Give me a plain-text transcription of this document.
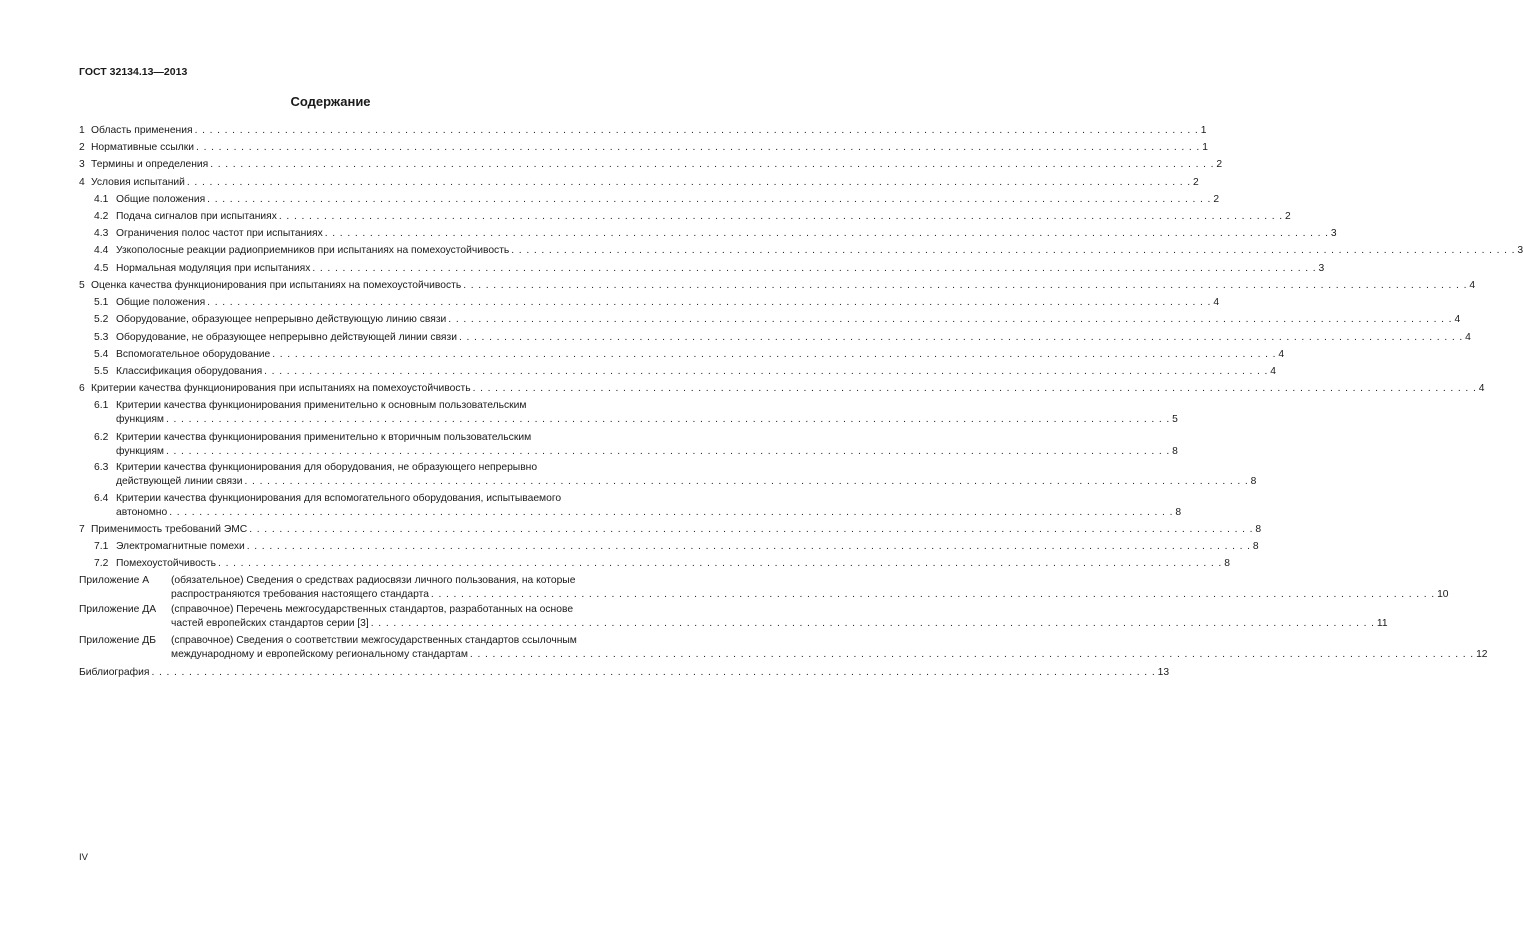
ГОСТ 32134.13—2013
Содержание
1 Область применения . . .	1
2 Нормативные ссылки . . .	1
3 Термины и определения . . .	2
4 Условия испытаний . . .	2
4.1 Общие положения . . .	2
4.2 Подача сигналов при испытаниях . . .	2
4.3 Ограничения полос частот при испытаниях . . .	3
4.4 Узкополосные реакции радиоприемников при испытаниях на помехоустойчивость . . .	3
4.5 Нормальная модуляция при испытаниях . . .	3
5 Оценка качества функционирования при испытаниях на помехоустойчивость . . .	4
5.1 Общие положения . . .	4
5.2 Оборудование, образующее непрерывно действующую линию связи . . .	4
5.3 Оборудование, не образующее непрерывно действующей линии связи . . .	4
5.4 Вспомогательное оборудование . . .	4
5.5 Классификация оборудования . . .	4
6 Критерии качества функционирования при испытаниях на помехоустойчивость . . .	4
6.1 Критерии качества функционирования применительно к основным пользовательским
функциям . . .	5
6.2 Критерии качества функционирования применительно к вторичным пользовательским
функциям . . .	8
6.3 Критерии качества функционирования для оборудования, не образующего непрерывно
действующей линии связи . . .	8
6.4 Критерии качества функционирования для вспомогательного оборудования, испытываемого
автономно . . .	8
7 Применимость требований ЭМС . . .	8
7.1 Электромагнитные помехи . . .	8
7.2 Помехоустойчивость . . .	8
Приложение А (обязательное) Сведения о средствах радиосвязи личного пользования, на которые
распространяются требования настоящего стандарта . . .	10
Приложение ДА (справочное) Перечень межгосударственных стандартов, разработанных на основе
частей европейских стандартов серии [3] . . .	11
Приложение ДБ (справочное) Сведения о соответствии межгосударственных стандартов ссылочным
международному и европейскому региональному стандартам . . .	12
Библиография . . .	13
IV
